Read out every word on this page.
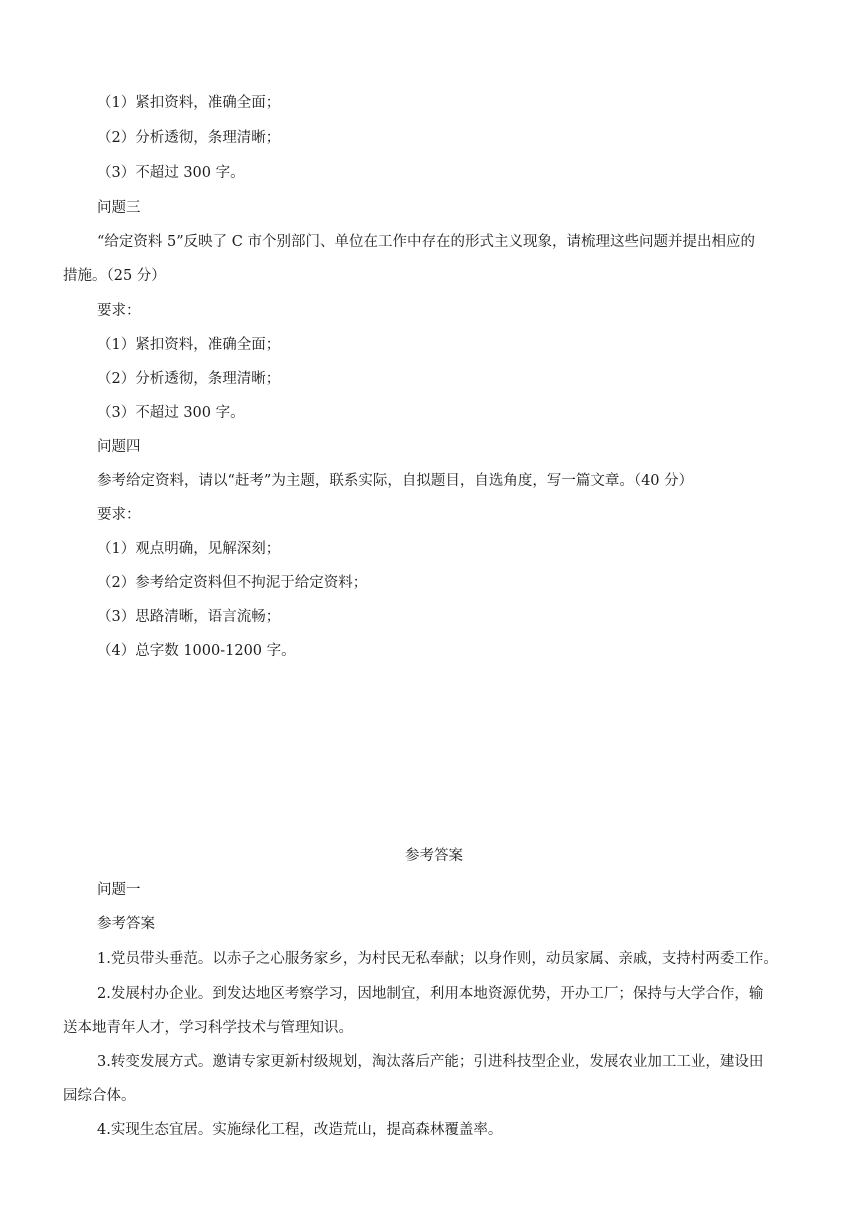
（1）紧扣资料，准确全面；
（2）分析透彻，条理清晰；
（3）不超过 300 字。
问题三
“给定资料 5”反映了 C 市个别部门、单位在工作中存在的形式主义现象，请梳理这些问题并提出相应的
措施。（25 分）
要求：
（1）紧扣资料，准确全面；
（2）分析透彻，条理清晰；
（3）不超过 300 字。
问题四
参考给定资料，请以“赶考”为主题，联系实际，自拟题目，自选角度，写一篇文章。（40 分）
要求：
（1）观点明确，见解深刻；
（2）参考给定资料但不拘泥于给定资料；
（3）思路清晰，语言流畅；
（4）总字数 1000-1200 字。
参考答案
问题一
参考答案
1.党员带头垂范。以赤子之心服务家乡，为村民无私奉献；以身作则，动员家属、亲戚，支持村两委工作。
2.发展村办企业。到发达地区考察学习，因地制宜，利用本地资源优势，开办工厂；保持与大学合作，输
送本地青年人才，学习科学技术与管理知识。
3.转变发展方式。邀请专家更新村级规划，淘汰落后产能；引进科技型企业，发展农业加工工业，建设田
园综合体。
4.实现生态宜居。实施绿化工程，改造荒山，提高森林覆盖率。
